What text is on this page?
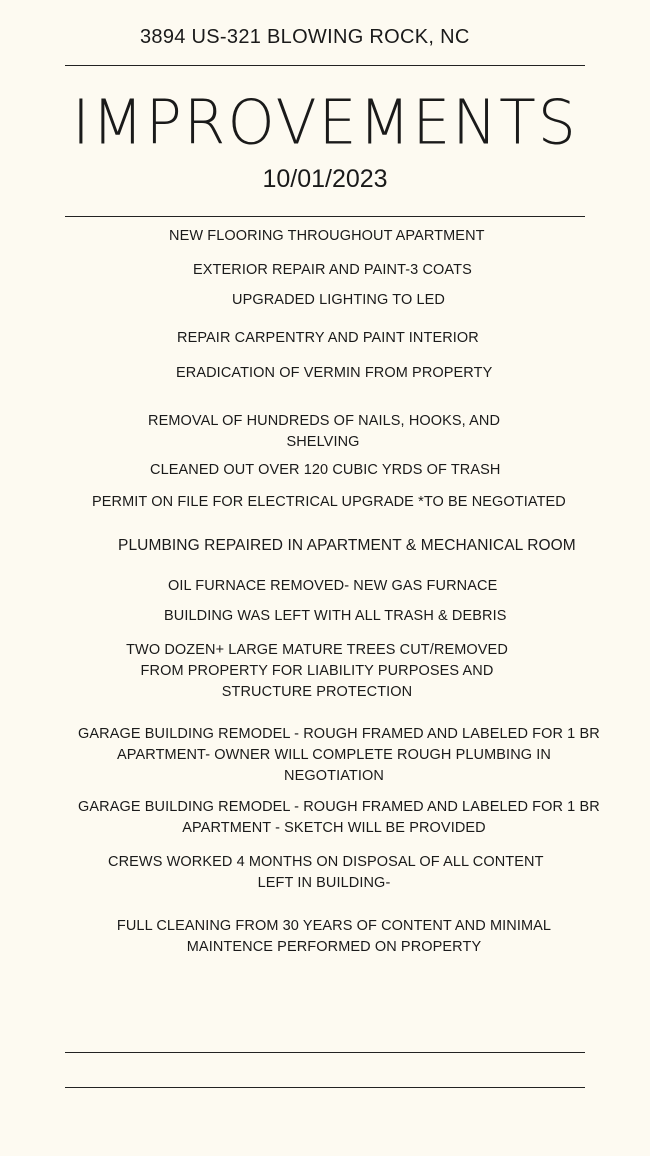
3894 US-321 BLOWING ROCK, NC
IMPROVEMENTS
10/01/2023
NEW FLOORING THROUGHOUT APARTMENT
EXTERIOR REPAIR AND PAINT-3 COATS
UPGRADED LIGHTING TO LED
REPAIR CARPENTRY AND PAINT INTERIOR
ERADICATION OF VERMIN FROM PROPERTY
REMOVAL OF HUNDREDS OF NAILS, HOOKS, AND
SHELVING
CLEANED OUT OVER 120 CUBIC YRDS OF TRASH
PERMIT ON FILE FOR ELECTRICAL UPGRADE *TO BE NEGOTIATED
PLUMBING REPAIRED IN APARTMENT & MECHANICAL ROOM
OIL FURNACE REMOVED- NEW GAS FURNACE
BUILDING WAS LEFT WITH ALL TRASH & DEBRIS
TWO DOZEN+ LARGE MATURE TREES CUT/REMOVED
FROM PROPERTY FOR LIABILITY PURPOSES AND
STRUCTURE PROTECTION
GARAGE BUILDING REMODEL - ROUGH FRAMED AND LABELED FOR 1 BR
APARTMENT- OWNER WILL COMPLETE ROUGH PLUMBING IN
NEGOTIATION
GARAGE BUILDING REMODEL - ROUGH FRAMED AND LABELED FOR 1 BR
APARTMENT - SKETCH WILL BE PROVIDED
CREWS WORKED 4 MONTHS ON DISPOSAL OF ALL CONTENT
LEFT IN BUILDING-
FULL CLEANING FROM 30 YEARS OF CONTENT AND MINIMAL
MAINTENCE PERFORMED ON PROPERTY
